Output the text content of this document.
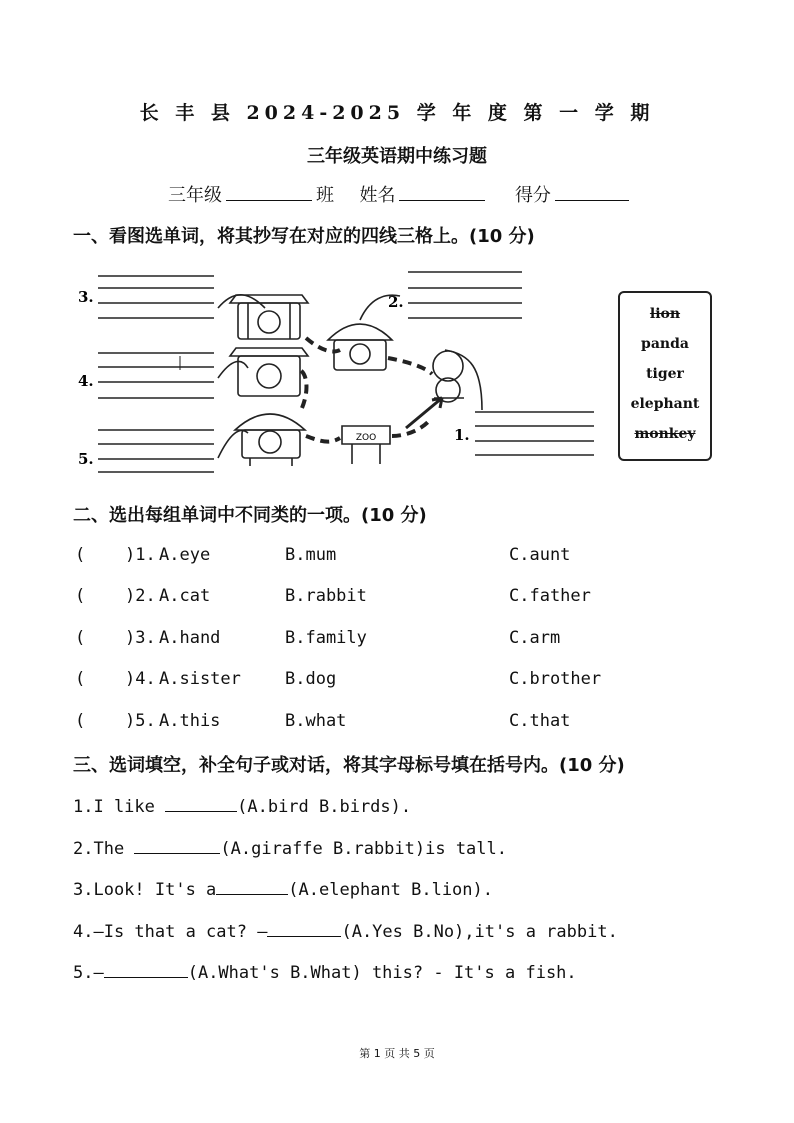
长 丰 县 2024-2025 学 年 度 第 一 学 期
三年级英语期中练习题
三年级	班 姓名	得分
一、看图选单词，将其抄写在对应的四线三格上。(10 分)
3.	2.
4.
1.
5.
ZOO
lion
panda
tiger
elephant
monkey
二、选出每组单词中不同类的一项。(10 分)
( )1. A.eye	B.mum	C.aunt
( )2. A.cat	B.rabbit	C.father
( )3. A.hand	B.family	C.arm
( )4. A.sister	B.dog	C.brother
( )5. A.this	B.what	C.that
三、选词填空，补全句子或对话，将其字母标号填在括号内。(10 分)
1.I like	(A.bird B.birds).
2.The	(A.giraffe B.rabbit)is tall.
3.Look! It's a	(A.elephant B.lion).
4.—Is that a cat? —	(A.Yes B.No),it's a rabbit.
5.—	(A.What's B.What) this? - It's a fish.
第 1 页 共 5 页
